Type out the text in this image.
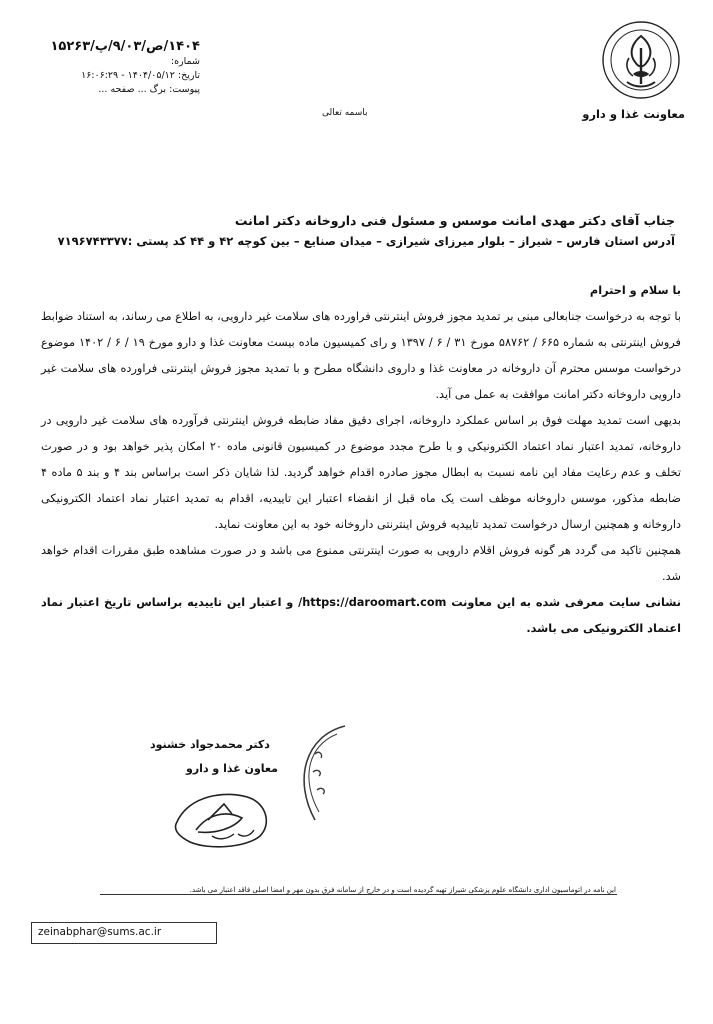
معاونت غذا و دارو
باسمه تعالی
۱۴۰۴/ص/۹/۰۳/پ/۱۵۲۶۳
شماره:
تاریخ: ۱۴۰۴/۰۵/۱۲ - ۱۶:۰۶:۲۹
پیوست: برگ ... صفحه ...
جناب آقای دکتر مهدی امانت موسس و مسئول فنی داروخانه دکتر امانت
آدرس استان فارس – شیراز – بلوار میرزای شیرازی – میدان صنایع – بین کوچه ۴۲ و ۴۴ کد پستی :۷۱۹۶۷۴۳۳۷۷
با سلام و احترام

با توجه به درخواست جنابعالی مبنی بر تمدید مجوز فروش اینترنتی فراورده های سلامت غیر دارویی، به اطلاع می رساند، به استناد ضوابط فروش اینترنتی به شماره ۶۶۵ / ۵۸۷۶۲ مورخ ۳۱ / ۶ / ۱۳۹۷ و رای کمیسیون ماده بیست معاونت غذا و دارو مورخ ۱۹ / ۶ / ۱۴۰۲ موضوع درخواست موسس محترم آن داروخانه در معاونت غذا و داروی دانشگاه مطرح و با تمدید مجوز فروش اینترنتی فراورده های سلامت غیر دارویی داروخانه دکتر امانت موافقت به عمل می آید.

بدیهی است تمدید مهلت فوق بر اساس عملکرد داروخانه، اجرای دقیق مفاد ضابطه فروش اینترنتی فرآورده های سلامت غیر دارویی در داروخانه، تمدید اعتبار نماد اعتماد الکترونیکی و با طرح مجدد موضوع در کمیسیون قانونی ماده ۲۰ امکان پذیر خواهد بود و در صورت تخلف و عدم رعایت مفاد این نامه نسبت به ابطال مجوز صادره اقدام خواهد گردید. لذا شایان ذکر است براساس بند ۴ و بند ۵ ماده ۴ ضابطه مذکور، موسس داروخانه موظف است یک ماه قبل از انقضاء اعتبار این تاییدیه، اقدام به تمدید اعتبار نماد اعتماد الکترونیکی داروخانه و همچنین ارسال درخواست تمدید تاییدیه فروش اینترنتی داروخانه خود به این معاونت نماید.

همچنین تاکید می گردد هر گونه فروش اقلام دارویی به صورت اینترنتی ممنوع می باشد و در صورت مشاهده طبق مقررات اقدام خواهد شد.

نشانی سایت معرفی شده به این معاونت https://daroomart.com/ و اعتبار این تاییدیه براساس تاریخ اعتبار نماد اعتماد الکترونیکی می باشد.

دکتر محمدجواد خشنود
معاون غذا و دارو
این نامه در اتوماسیون اداری دانشگاه علوم پزشکی شیراز تهیه گردیده است و در خارج از سامانه فرق بدون مهر و امضا اصلی فاقد اعتبار می باشد.
zeinabphar@sums.ac.ir
